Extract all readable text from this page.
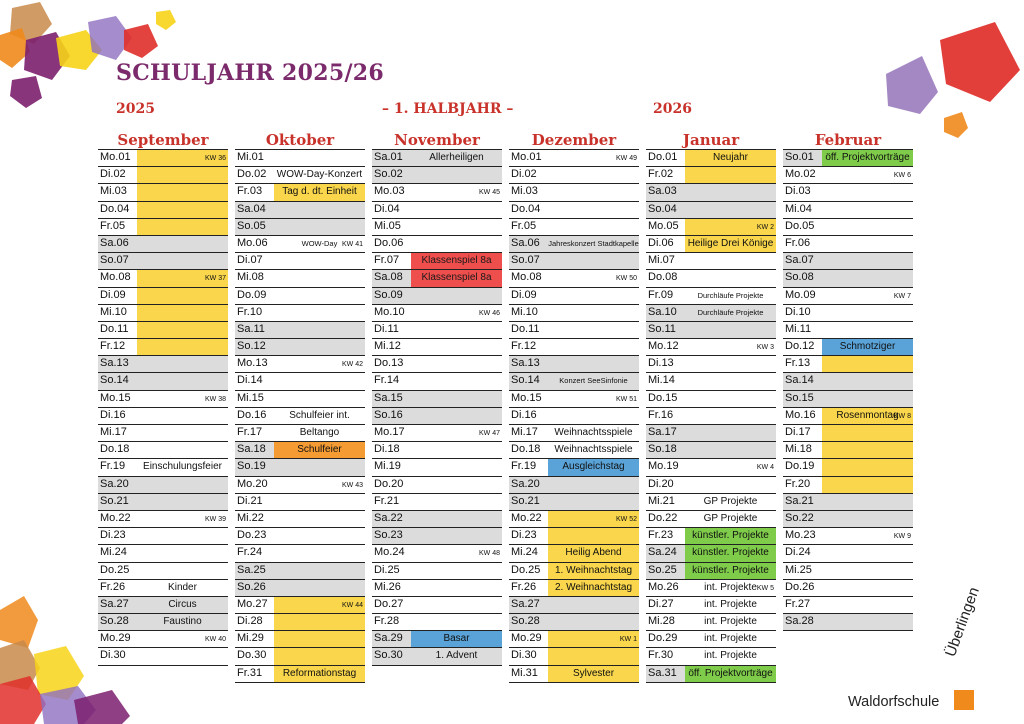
SCHULJAHR 2025/26
2025	– 1. HALBJAHR –	2026
September
KW 36
Mo.01
Di.02
Mi.03
Do.04
Fr.05
Sa.06
So.07
KW 37
Mo.08
Di.09
Mi.10
Do.11
Fr.12
Sa.13
So.14
KW 38
Mo.15
Di.16
Mi.17
Do.18
Einschulungsfeier
Fr.19
Sa.20
So.21
KW 39
Mo.22
Di.23
Mi.24
Do.25
Kinder
Fr.26
Circus
Sa.27
Faustino
So.28
KW 40
Mo.29
Di.30
Oktober
Mi.01
WOW-Day-Konzert
Do.02
Tag d. dt. Einheit
Fr.03
Sa.04
So.05
WOW-Day KW 41
Mo.06
Di.07
Mi.08
Do.09
Fr.10
Sa.11
So.12
KW 42
Mo.13
Di.14
Mi.15
Schulfeier int.
Do.16
Beltango
Fr.17
Schulfeier
Sa.18
So.19
KW 43
Mo.20
Di.21
Mi.22
Do.23
Fr.24
Sa.25
So.26
KW 44
Mo.27
Di.28
Mi.29
Do.30
Reformationstag
Fr.31
November
Allerheiligen
Sa.01
So.02
KW 45
Mo.03
Di.04
Mi.05
Do.06
Klassenspiel 8a
Fr.07
Klassenspiel 8a
Sa.08
So.09
KW 46
Mo.10
Di.11
Mi.12
Do.13
Fr.14
Sa.15
So.16
KW 47
Mo.17
Di.18
Mi.19
Do.20
Fr.21
Sa.22
So.23
KW 48
Mo.24
Di.25
Mi.26
Do.27
Fr.28
Basar
Sa.29
1. Advent
So.30
Dezember
KW 49
Mo.01
Di.02
Mi.03
Do.04
Fr.05
Jahreskonzert Stadtkapelle
Sa.06
So.07
KW 50
Mo.08
Di.09
Mi.10
Do.11
Fr.12
Sa.13
Konzert SeeSinfonie
So.14
KW 51
Mo.15
Di.16
Weihnachtsspiele
Mi.17
Weihnachtsspiele
Do.18
Ausgleichstag
Fr.19
Sa.20
So.21
KW 52
Mo.22
Di.23
Heilig Abend
Mi.24
1. Weihnachtstag
Do.25
2. Weihnachtstag
Fr.26
Sa.27
So.28
KW 1
Mo.29
Di.30
Sylvester
Mi.31
Januar
Neujahr
Do.01
Fr.02
Sa.03
So.04
KW 2
Mo.05
Heilige Drei Könige
Di.06
Mi.07
Do.08
Durchläufe Projekte
Fr.09
Durchläufe Projekte
Sa.10
So.11
KW 3
Mo.12
Di.13
Mi.14
Do.15
Fr.16
Sa.17
So.18
KW 4
Mo.19
Di.20
GP Projekte
Mi.21
GP Projekte
Do.22
künstler. Projekte
Fr.23
künstler. Projekte
Sa.24
künstler. Projekte
So.25
int. Projekte KW 5
Mo.26
int. Projekte
Di.27
int. Projekte
Mi.28
int. Projekte
Do.29
int. Projekte
Fr.30
öff. Projektvorträge
Sa.31
Februar
öff. Projektvorträge
So.01
KW 6
Mo.02
Di.03
Mi.04
Do.05
Fr.06
Sa.07
So.08
KW 7
Mo.09
Di.10
Mi.11
Schmotziger
Do.12
Fr.13
Sa.14
So.15
Rosenmontag
KW 8
Mo.16
Di.17
Mi.18
Do.19
Fr.20
Sa.21
So.22
KW 9
Mo.23
Di.24
Mi.25
Do.26
Fr.27
Sa.28
Waldorfschule
Überlingen
